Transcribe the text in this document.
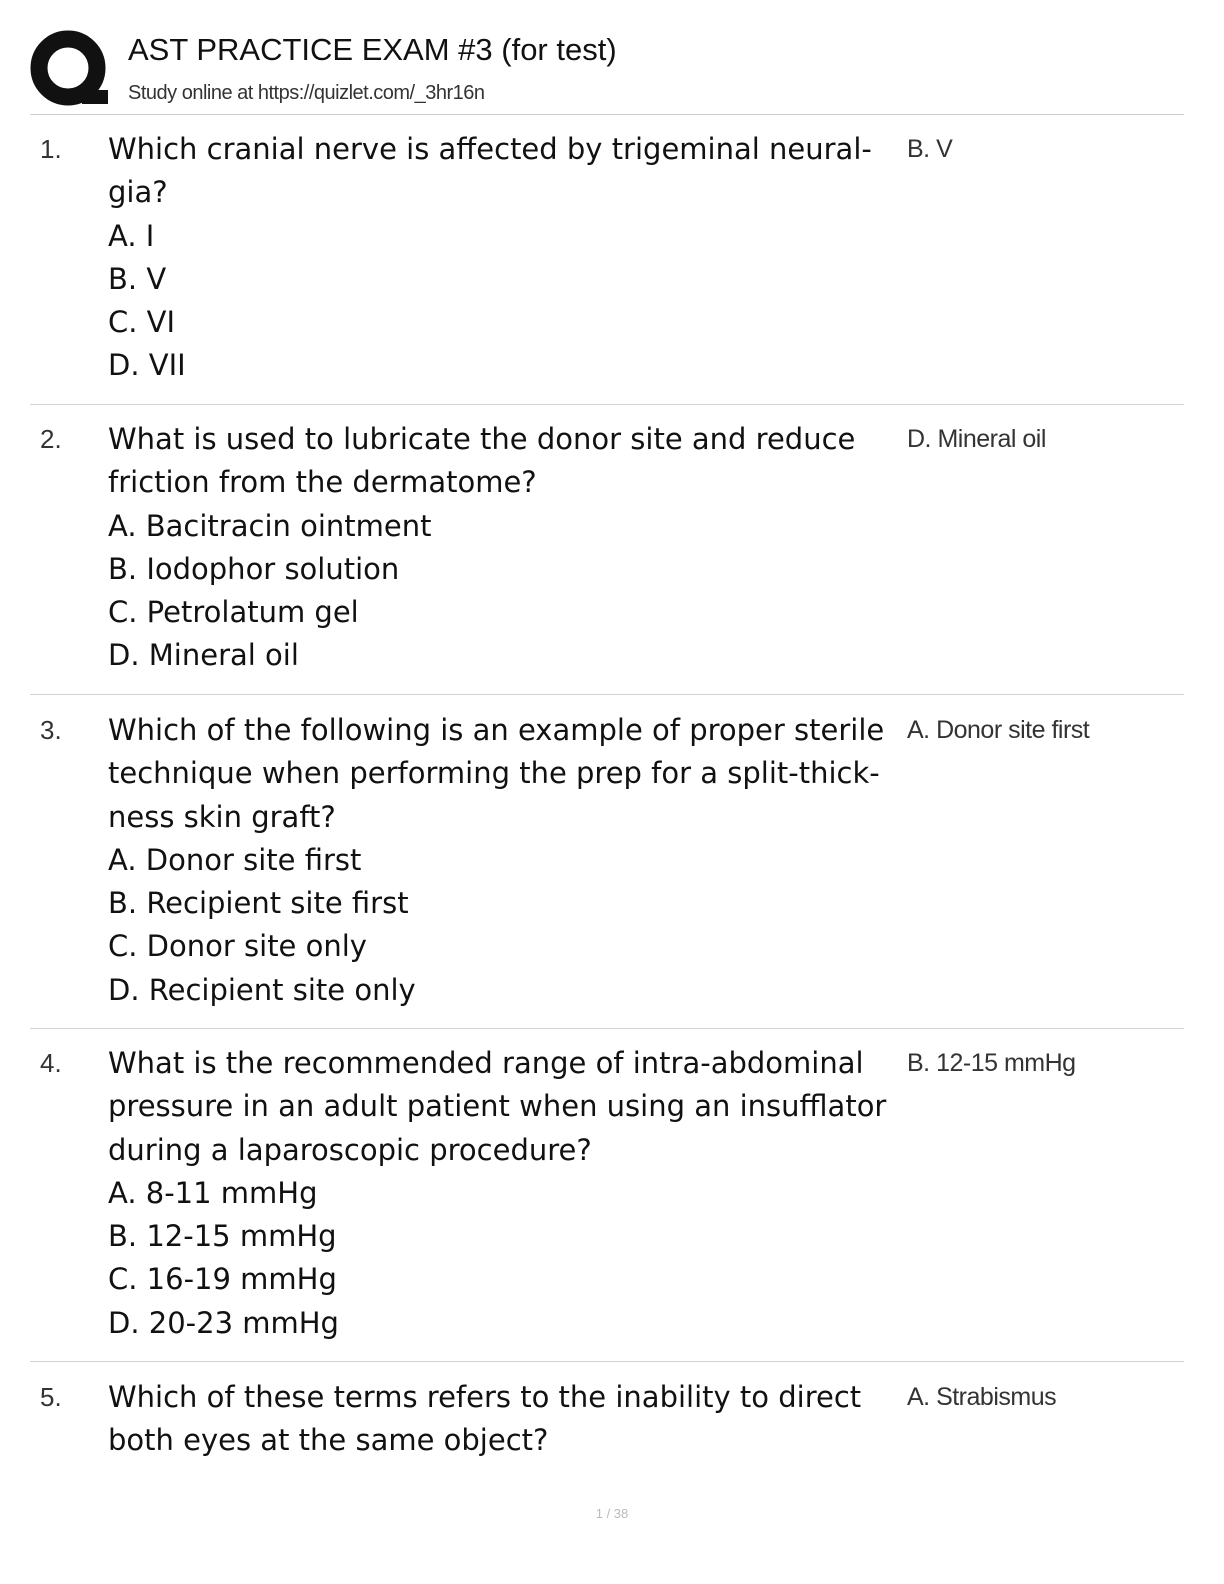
AST PRACTICE EXAM #3 (for test)
Study online at https://quizlet.com/_3hr16n
1. Which cranial nerve is affected by trigeminal neural- gia?
A. I
B. V
C. VI
D. VII
B. V
2. What is used to lubricate the donor site and reduce friction from the dermatome?
A. Bacitracin ointment
B. Iodophor solution
C. Petrolatum gel
D. Mineral oil
D. Mineral oil
3. Which of the following is an example of proper sterile technique when performing the prep for a split-thick- ness skin graft?
A. Donor site first
B. Recipient site first
C. Donor site only
D. Recipient site only
A. Donor site first
4. What is the recommended range of intra-abdominal pressure in an adult patient when using an insufflator during a laparoscopic procedure?
A. 8-11 mmHg
B. 12-15 mmHg
C. 16-19 mmHg
D. 20-23 mmHg
B. 12-15 mmHg
5. Which of these terms refers to the inability to direct both eyes at the same object?
A. Strabismus
1 / 38
